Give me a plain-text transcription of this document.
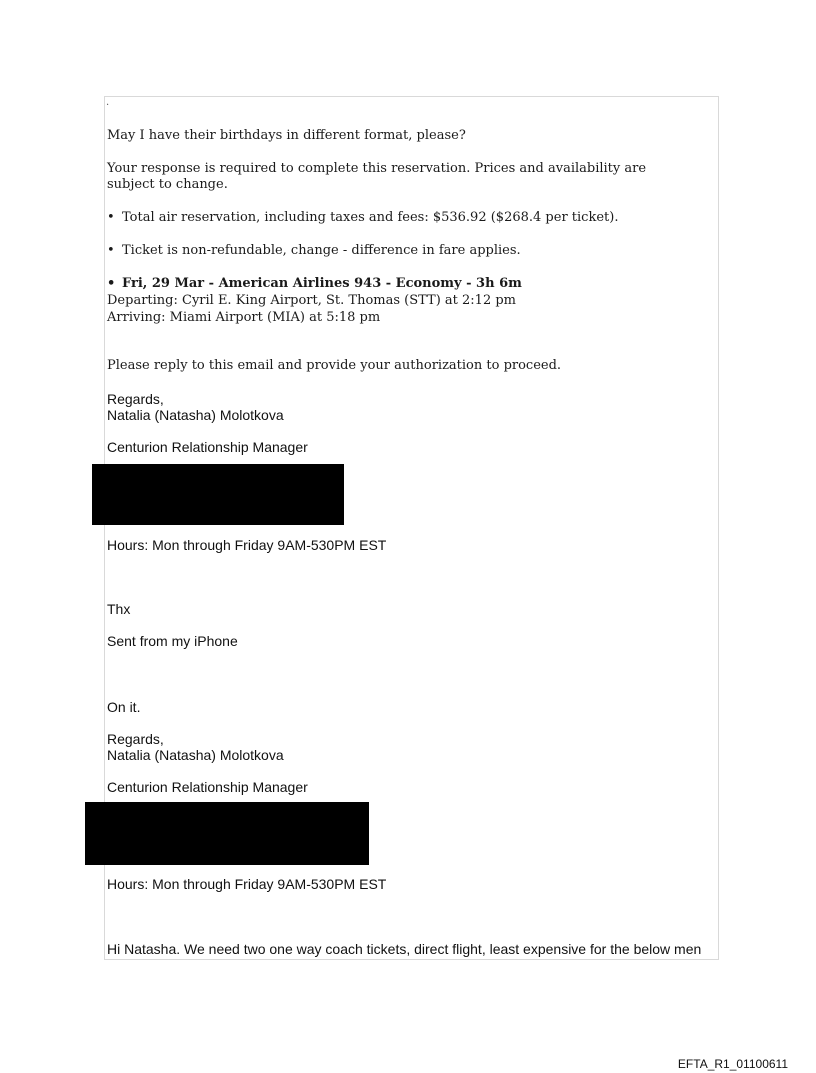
.
May I have their birthdays in different format, please?
Your response is required to complete this reservation. Prices and availability are
subject to change.
• Total air reservation, including taxes and fees: $536.92 ($268.4 per ticket).
• Ticket is non-refundable, change - difference in fare applies.
• Fri, 29 Mar - American Airlines 943 - Economy - 3h 6m
Departing: Cyril E. King Airport, St. Thomas (STT) at 2:12 pm
Arriving: Miami Airport (MIA) at 5:18 pm
Please reply to this email and provide your authorization to proceed.
Regards,
Natalia (Natasha) Molotkova
Centurion Relationship Manager
Hours: Mon through Friday 9AM-530PM EST
Thx
Sent from my iPhone
On it.
Regards,
Natalia (Natasha) Molotkova
Centurion Relationship Manager
Hours: Mon through Friday 9AM-530PM EST
Hi Natasha. We need two one way coach tickets, direct flight, least expensive for the below men
EFTA_R1_01100611
